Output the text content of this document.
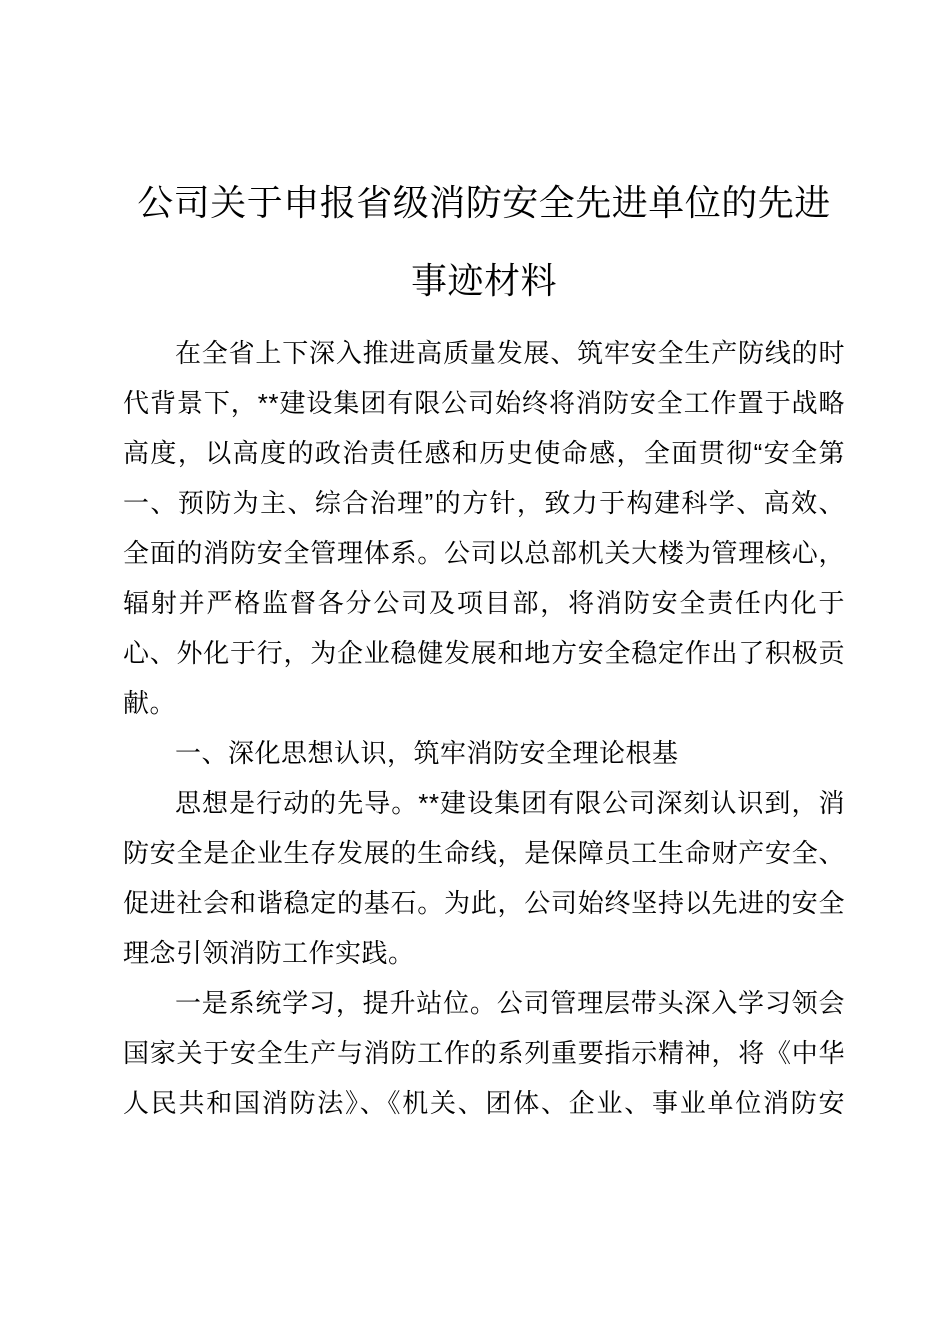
公司关于申报省级消防安全先进单位的先进
事迹材料
在全省上下深入推进高质量发展、筑牢安全生产防线的时
代背景下，**建设集团有限公司始终将消防安全工作置于战略
高度，以高度的政治责任感和历史使命感，全面贯彻“安全第
一、预防为主、综合治理”的方针，致力于构建科学、高效、
全面的消防安全管理体系。公司以总部机关大楼为管理核心，
辐射并严格监督各分公司及项目部，将消防安全责任内化于
心、外化于行，为企业稳健发展和地方安全稳定作出了积极贡
献。
一、深化思想认识，筑牢消防安全理论根基
思想是行动的先导。**建设集团有限公司深刻认识到，消
防安全是企业生存发展的生命线，是保障员工生命财产安全、
促进社会和谐稳定的基石。为此，公司始终坚持以先进的安全
理念引领消防工作实践。
一是系统学习，提升站位。公司管理层带头深入学习领会
国家关于安全生产与消防工作的系列重要指示精神，将《中华
人民共和国消防法》、《机关、团体、企业、事业单位消防安
